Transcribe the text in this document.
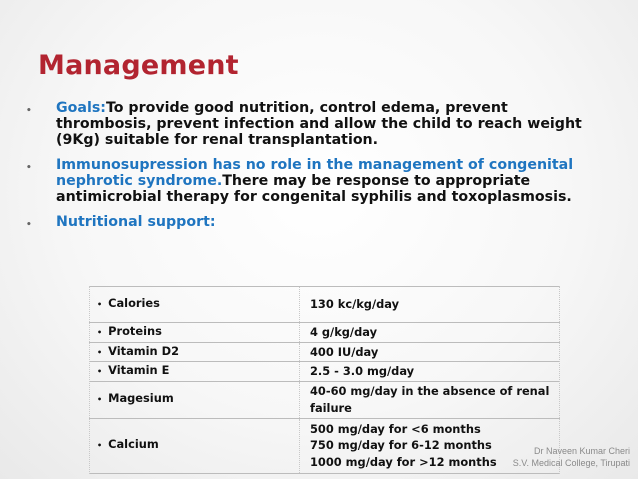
Management
• Goals:To provide good nutrition, control edema, prevent thrombosis, prevent infection and allow the child to reach weight (9Kg) suitable for renal transplantation.
• Immunosupression has no role in the management of congenital nephrotic syndrome.There may be response to appropriate antimicrobial therapy for congenital syphilis and toxoplasmosis.
• Nutritional support:
• Calories	130 kc/kg/day
• Proteins	4 g/kg/day
• Vitamin D2	400 IU/day
• Vitamin E	2.5 - 3.0 mg/day
• Magesium	40-60 mg/day in the absence of renal
failure
• Calcium	500 mg/day for <6 months
750 mg/day for 6-12 months
1000 mg/day for >12 months
Dr Naveen Kumar Cheri
S.V. Medical College, Tirupati
